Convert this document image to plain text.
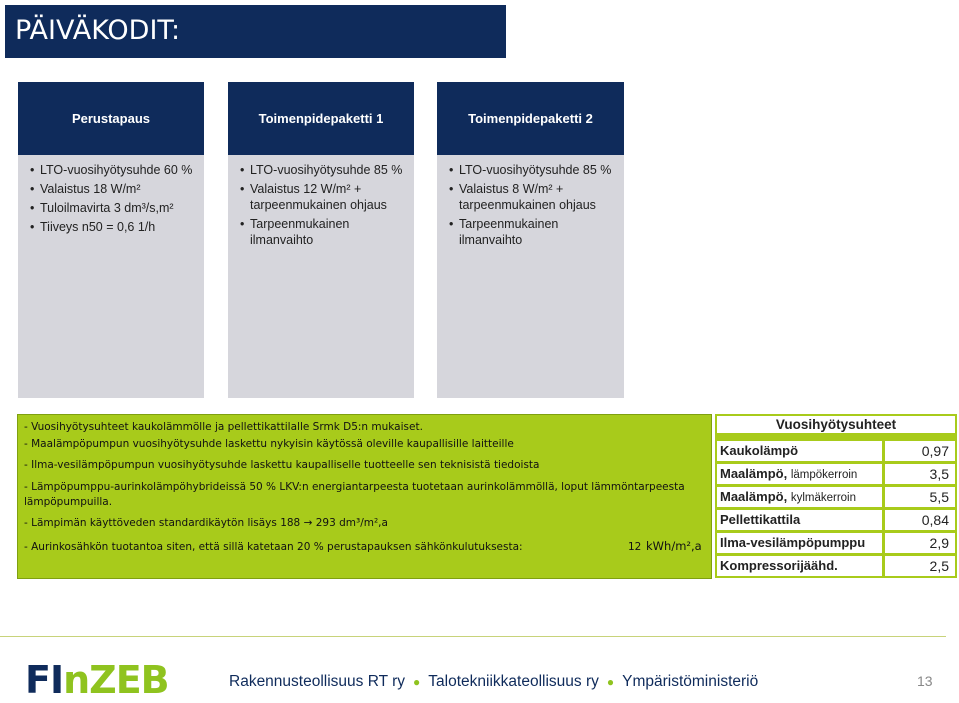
PÄIVÄKODIT:
Perustapaus
• LTO-vuosihyötysuhde 60 %
• Valaistus 18 W/m²
• Tuloilmavirta 3 dm³/s,m²
• Tiiveys n50 = 0,6 1/h
Toimenpidepaketti 1
• LTO-vuosihyötysuhde 85 %
• Valaistus 12 W/m² + tarpeenmukainen ohjaus
• Tarpeenmukainen ilmanvaihto
Toimenpidepaketti 2
• LTO-vuosihyötysuhde 85 %
• Valaistus 8 W/m² + tarpeenmukainen ohjaus
• Tarpeenmukainen ilmanvaihto
- Vuosihyötysuhteet kaukolämmölle ja pellettikattilalle Srmk D5:n mukaiset.
- Maalämpöpumpun vuosihyötysuhde laskettu nykyisin käytössä oleville kaupallisille laitteille
- Ilma-vesilämpöpumpun vuosihyötysuhde laskettu kaupalliselle tuotteelle sen teknisistä tiedoista
- Lämpöpumppu-aurinkolämpöhybrideissä 50 % LKV:n energiantarpeesta tuotetaan aurinkolämmöllä, loput lämmöntarpeesta
lämpöpumpuilla.
- Lämpimän käyttöveden standardikäytön lisäys 188 → 293 dm³/m²,a
- Aurinkosähkön tuotantoa siten, että sillä katetaan 20 % perustapauksen sähkönkulutuksesta:	12 kWh/m²,a
Vuosihyötysuhteet
Kaukolämpö	0,97
Maalämpö, lämpökerroin	3,5
Maalämpö, kylmäkerroin	5,5
Pellettikattila	0,84
Ilma-vesilämpöpumppu	2,9
Kompressorijäähd.	2,5
FInZEB	Rakennusteollisuus RT ry ● Talotekniikkateollisuus ry ● Ympäristöministeriö	13
